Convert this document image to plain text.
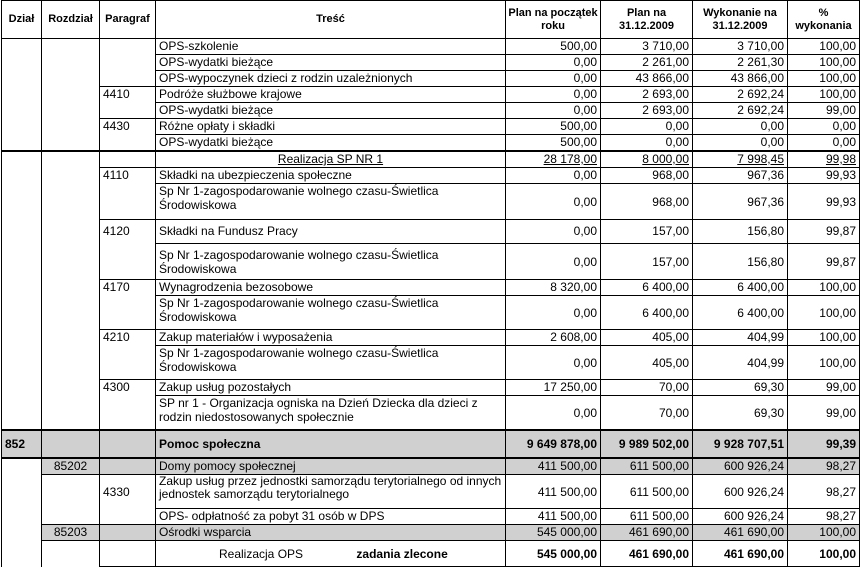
Dział	Rozdział	Paragraf	Treść	Plan na początek roku	Plan na 31.12.2009	Wykonanie na 31.12.2009	% wykonania
			OPS-szkolenie	500,00	3 710,00	3 710,00	100,00
			OPS-wydatki bieżące	0,00	2 261,00	2 261,30	100,00
			OPS-wypoczynek dzieci z rodzin uzależnionych	0,00	43 866,00	43 866,00	100,00
		4410	Podróże służbowe krajowe	0,00	2 693,00	2 692,24	100,00
			OPS-wydatki bieżące	0,00	2 693,00	2 692,24	99,00
		4430	Różne opłaty i składki	500,00	0,00	0,00	0,00
			OPS-wydatki bieżące	500,00	0,00	0,00	0,00
			Realizacja SP NR 1	28 178,00	8 000,00	7 998,45	99,98
		4110	Składki na ubezpieczenia społeczne	0,00	968,00	967,36	99,93
			Sp Nr 1-zagospodarowanie wolnego czasu-Świetlica Środowiskowa	0,00	968,00	967,36	99,93
		4120	Składki na Fundusz Pracy	0,00	157,00	156,80	99,87
			Sp Nr 1-zagospodarowanie wolnego czasu-Świetlica Środowiskowa	0,00	157,00	156,80	99,87
		4170	Wynagrodzenia bezosobowe	8 320,00	6 400,00	6 400,00	100,00
			Sp Nr 1-zagospodarowanie wolnego czasu-Świetlica Środowiskowa	0,00	6 400,00	6 400,00	100,00
		4210	Zakup materiałów i wyposażenia	2 608,00	405,00	404,99	100,00
			Sp Nr 1-zagospodarowanie wolnego czasu-Świetlica Środowiskowa	0,00	405,00	404,99	100,00
		4300	Zakup usług pozostałych	17 250,00	70,00	69,30	99,00
			SP nr 1 - Organizacja ogniska na Dzień Dziecka dla dzieci z rodzin niedostosowanych społecznie	0,00	70,00	69,30	99,00
852			Pomoc społeczna	9 649 878,00	9 989 502,00	9 928 707,51	99,39
	85202		Domy pomocy społecznej	411 500,00	611 500,00	600 926,24	98,27
		4330	Zakup usług przez jednostki samorządu terytorialnego od innych jednostek samorządu terytorialnego	411 500,00	611 500,00	600 926,24	98,27
			OPS- odpłatność za pobyt 31 osób w DPS	411 500,00	611 500,00	600 926,24	98,27
	85203		Ośrodki wsparcia	545 000,00	461 690,00	461 690,00	100,00
			Realizacja OPS zadania zlecone	545 000,00	461 690,00	461 690,00	100,00
